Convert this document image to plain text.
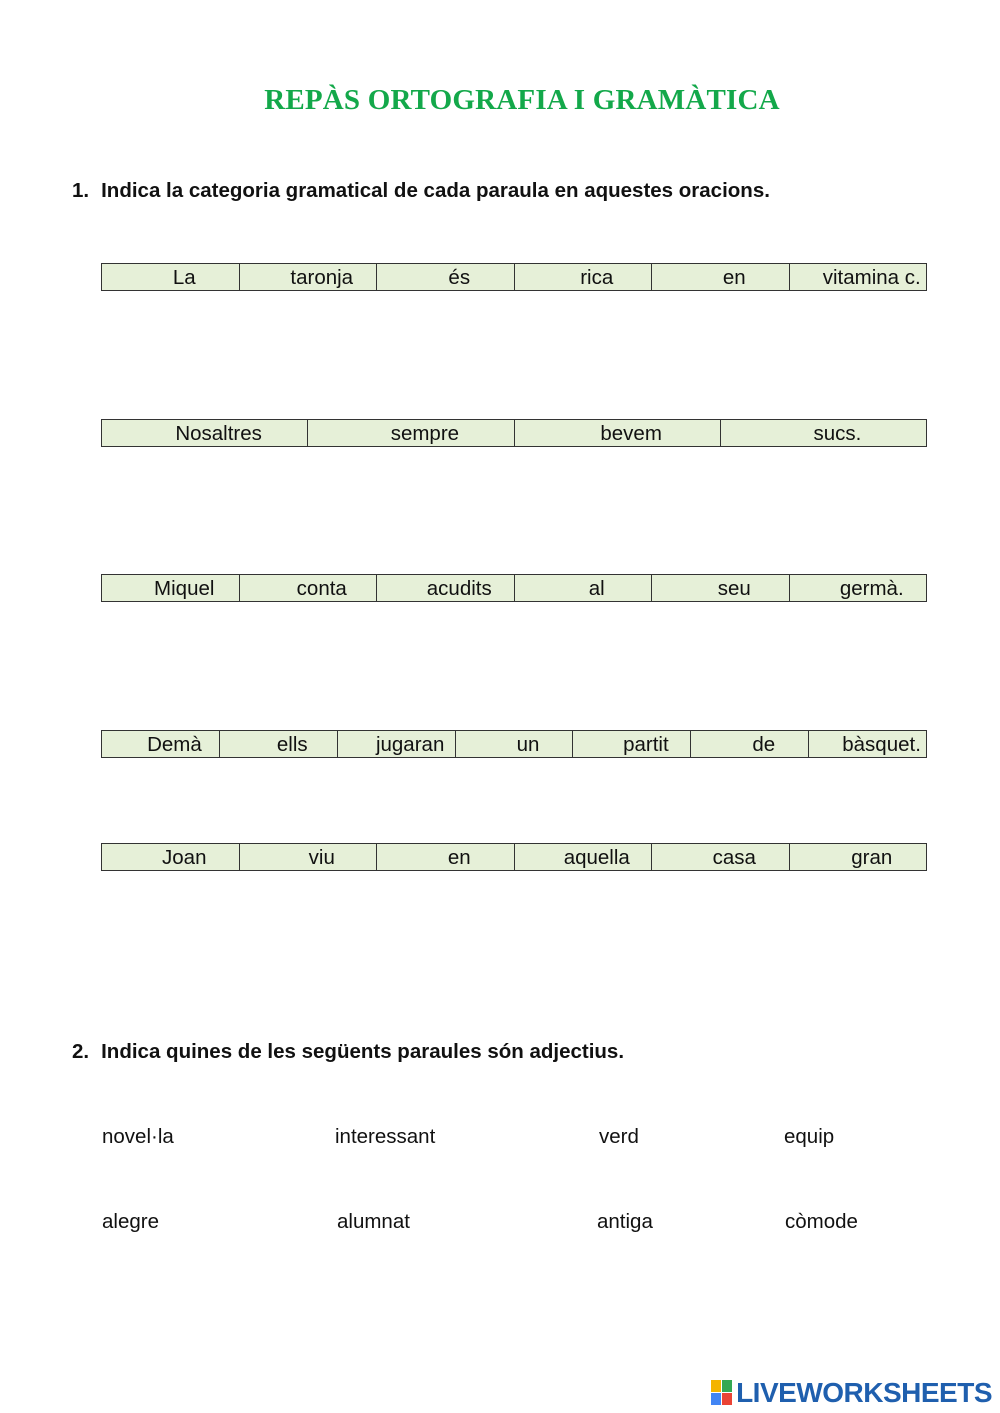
REPÀS ORTOGRAFIA I GRAMÀTICA
1. Indica la categoria gramatical de cada paraula en aquestes oracions.
La	taronja	és	rica	en	vitamina c.
Nosaltres	sempre	bevem	sucs.
Miquel	conta	acudits	al	seu	germà.
Demà	ells	jugaran	un	partit	de	bàsquet.
Joan	viu	en	aquella	casa	gran
2. Indica quines de les següents paraules són adjectius.
novel·la	interessant	verd	equip
alegre	alumnat	antiga	còmode
LIVEWORKSHEETS
